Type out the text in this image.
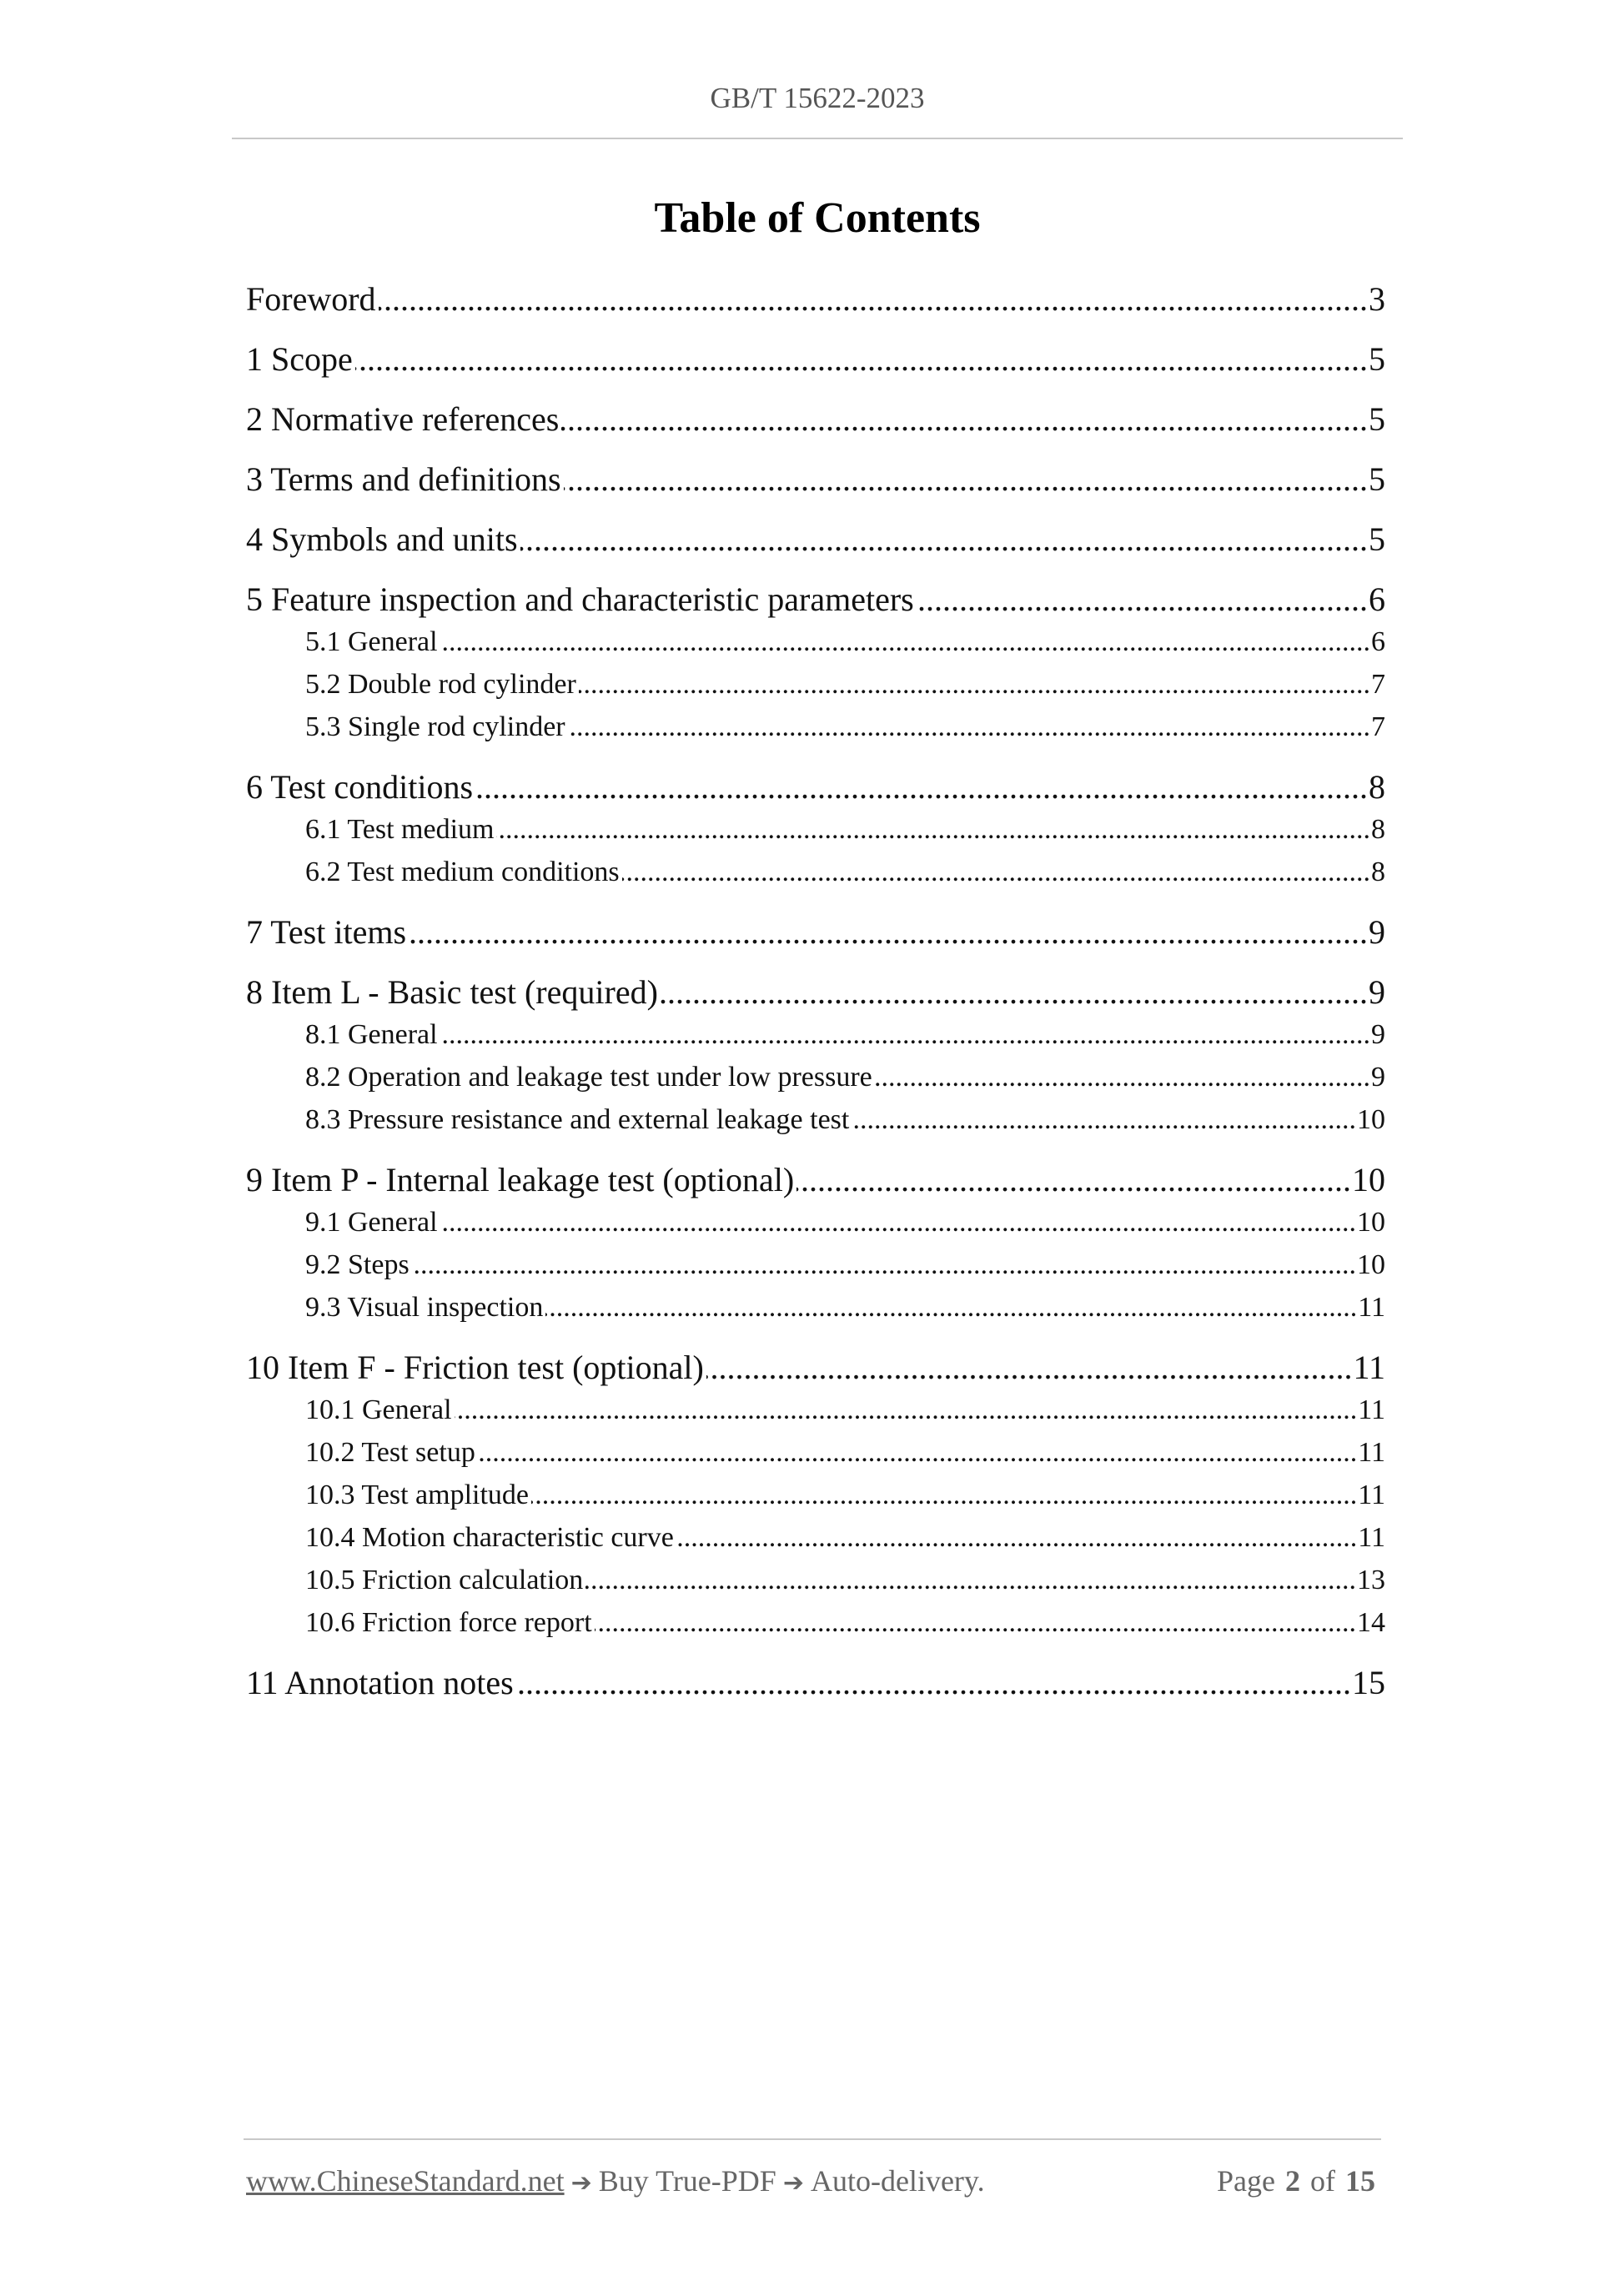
GB/T 15622-2023
Table of Contents
Foreword .....	3
1 Scope .....	5
2 Normative references .....	5
3 Terms and definitions .....	5
4 Symbols and units .....	5
5 Feature inspection and characteristic parameters .....	6
5.1 General .....	6
5.2 Double rod cylinder .....	7
5.3 Single rod cylinder .....	7
6 Test conditions .....	8
6.1 Test medium .....	8
6.2 Test medium conditions .....	8
7 Test items .....	9
8 Item L - Basic test (required) .....	9
8.1 General .....	9
8.2 Operation and leakage test under low pressure .....	9
8.3 Pressure resistance and external leakage test .....	10
9 Item P - Internal leakage test (optional) .....	10
9.1 General .....	10
9.2 Steps .....	10
9.3 Visual inspection .....	11
10 Item F - Friction test (optional) .....	11
10.1 General .....	11
10.2 Test setup .....	11
10.3 Test amplitude .....	11
10.4 Motion characteristic curve .....	11
10.5 Friction calculation .....	13
10.6 Friction force report .....	14
11 Annotation notes .....	15
www.ChineseStandard.net ➔ Buy True-PDF ➔ Auto-delivery.	Page 2 of 15
